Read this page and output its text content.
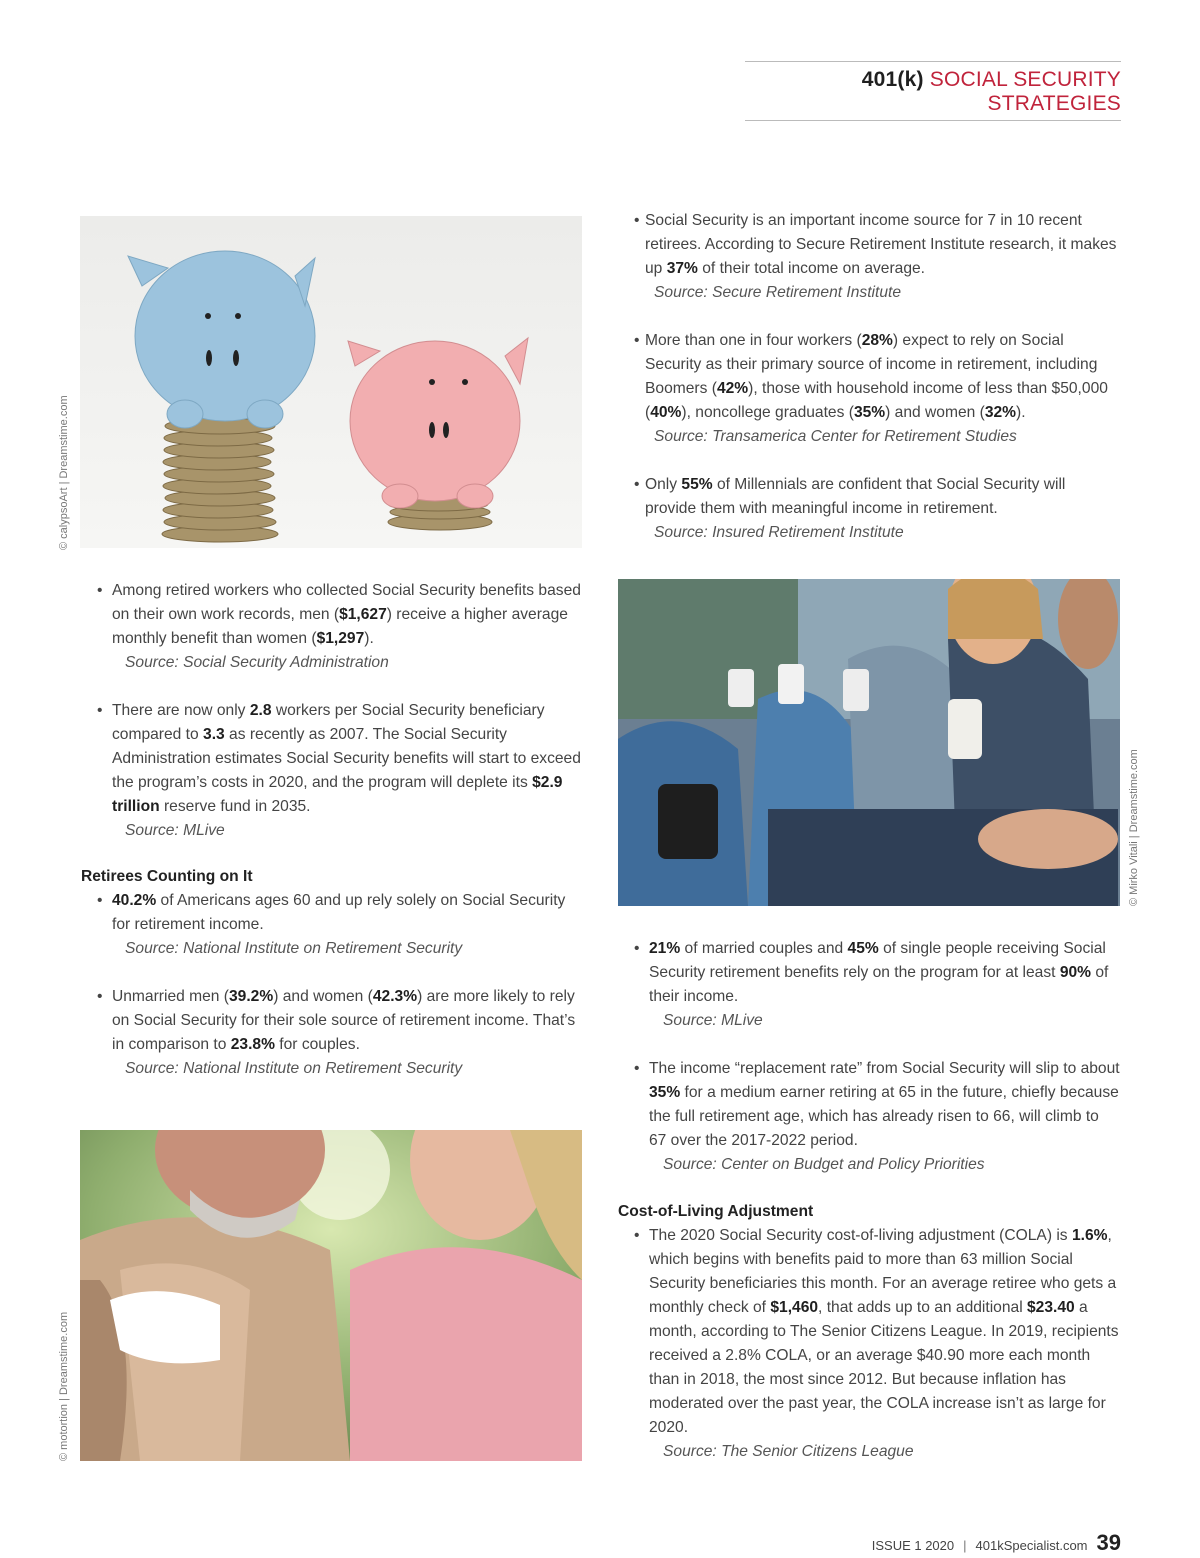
401(k) SOCIAL SECURITY STRATEGIES
© calypsoArt | Dreamstime.com
• Social Security is an important income source for 7 in 10 recent retirees. According to Secure Retirement Institute research, it makes up 37% of their total income on average.

Source: Secure Retirement Institute

• More than one in four workers (28%) expect to rely on Social Security as their primary source of income in retirement, including Boomers (42%), those with household income of less than $50,000 (40%), noncollege graduates (35%) and women (32%).

Source: Transamerica Center for Retirement Studies

• Only 55% of Millennials are confident that Social Security will provide them with meaningful income in retirement.

Source: Insured Retirement Institute

© Mirko Vitali | Dreamstime.com
• Among retired workers who collected Social Security benefits based on their own work records, men ($1,627) receive a higher average monthly benefit than women ($1,297).

Source: Social Security Administration

• There are now only 2.8 workers per Social Security beneficiary compared to 3.3 as recently as 2007. The Social Security Administration estimates Social Security benefits will start to exceed the program’s costs in 2020, and the program will deplete its $2.9 trillion reserve fund in 2035.

Source: MLive

Retirees Counting on It

• 40.2% of Americans ages 60 and up rely solely on Social Security for retirement income.

Source: National Institute on Retirement Security

• Unmarried men (39.2%) and women (42.3%) are more likely to rely on Social Security for their sole source of retirement income. That’s in comparison to 23.8% for couples.

Source: National Institute on Retirement Security

© motortion | Dreamstime.com
• 21% of married couples and 45% of single people receiving Social Security retirement benefits rely on the program for at least 90% of their income.

Source: MLive

• The income “replacement rate” from Social Security will slip to about 35% for a medium earner retiring at 65 in the future, chiefly because the full retirement age, which has already risen to 66, will climb to 67 over the 2017-2022 period.

Source: Center on Budget and Policy Priorities

Cost-of-Living Adjustment

• The 2020 Social Security cost-of-living adjustment (COLA) is 1.6%, which begins with benefits paid to more than 63 million Social Security beneficiaries this month. For an average retiree who gets a monthly check of $1,460, that adds up to an additional $23.40 a month, according to The Senior Citizens League. In 2019, recipients received a 2.8% COLA, or an average $40.90 more each month than in 2018, the most since 2012. But because inflation has moderated over the past year, the COLA increase isn’t as large for 2020.

Source: The Senior Citizens League

ISSUE 1 2020 | 401kSpecialist.com 39
